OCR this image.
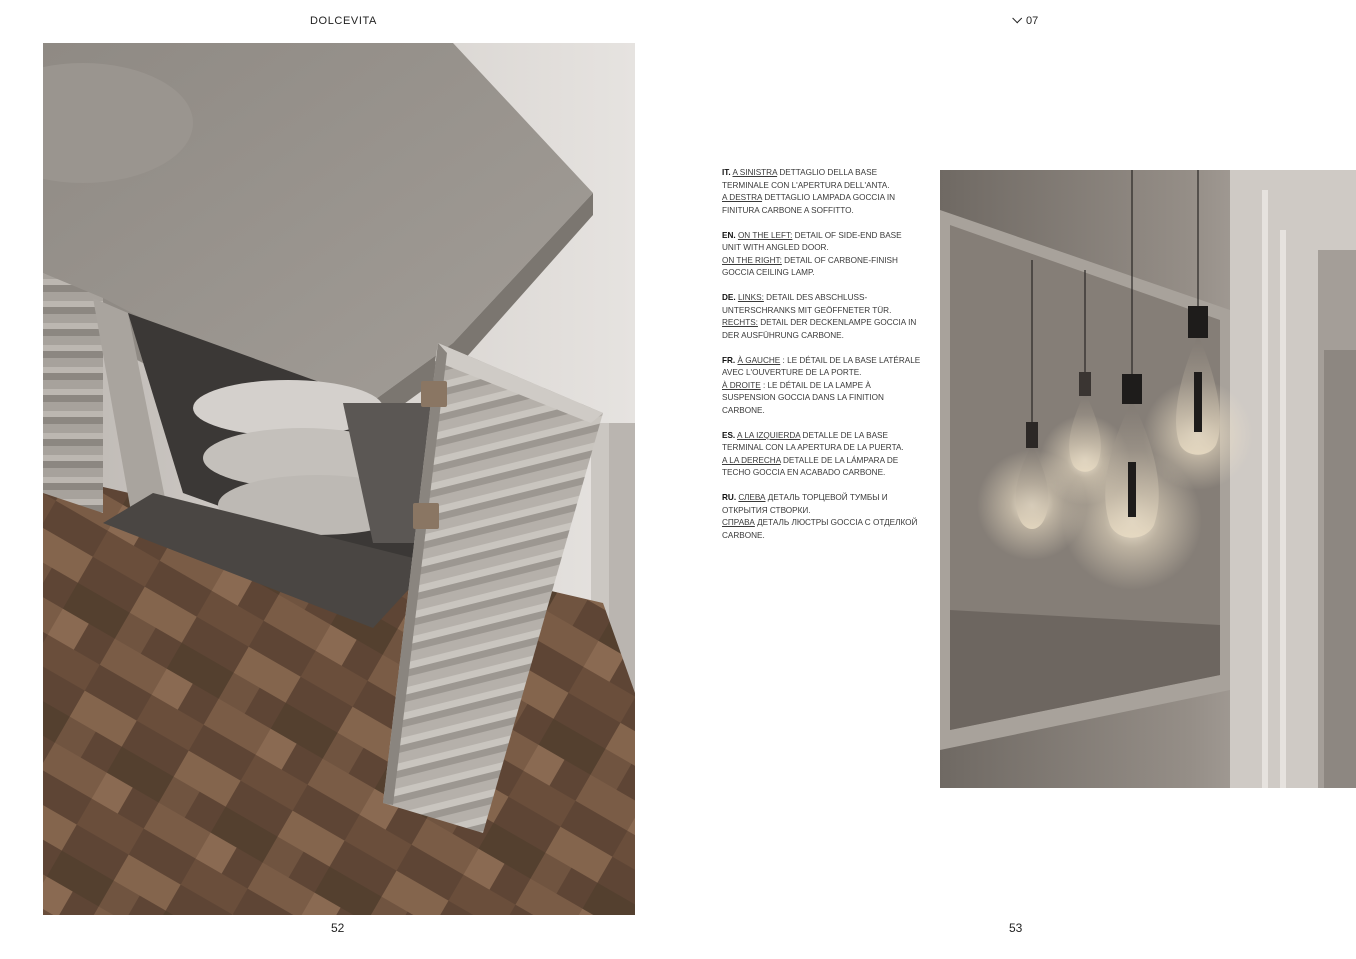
DOLCEVITA	07

IT. A SINISTRA DETTAGLIO DELLA BASE TERMINALE CON L'APERTURA DELL'ANTA.
A DESTRA DETTAGLIO LAMPADA GOCCIA IN FINITURA CARBONE A SOFFITTO.

EN. ON THE LEFT: DETAIL OF SIDE-END BASE UNIT WITH ANGLED DOOR.
ON THE RIGHT: DETAIL OF CARBONE-FINISH GOCCIA CEILING LAMP.

DE. LINKS: DETAIL DES ABSCHLUSS-UNTERSCHRANKS MIT GEÖFFNETER TÜR.
RECHTS: DETAIL DER DECKENLAMPE GOCCIA IN DER AUSFÜHRUNG CARBONE.

FR. À GAUCHE : LE DÉTAIL DE LA BASE LATÉRALE AVEC L'OUVERTURE DE LA PORTE.
À DROITE : LE DÉTAIL DE LA LAMPE À SUSPENSION GOCCIA DANS LA FINITION CARBONE.

ES. A LA IZQUIERDA DETALLE DE LA BASE TERMINAL CON LA APERTURA DE LA PUERTA.
A LA DERECHA DETALLE DE LA LÁMPARA DE TECHO GOCCIA EN ACABADO CARBONE.

RU. СЛЕВА ДЕТАЛЬ ТОРЦЕВОЙ ТУМБЫ И ОТКРЫТИЯ СТВОРКИ.
СПРАВА ДЕТАЛЬ ЛЮСТРЫ GOCCIA С ОТДЕЛКОЙ CARBONE.

52	53
